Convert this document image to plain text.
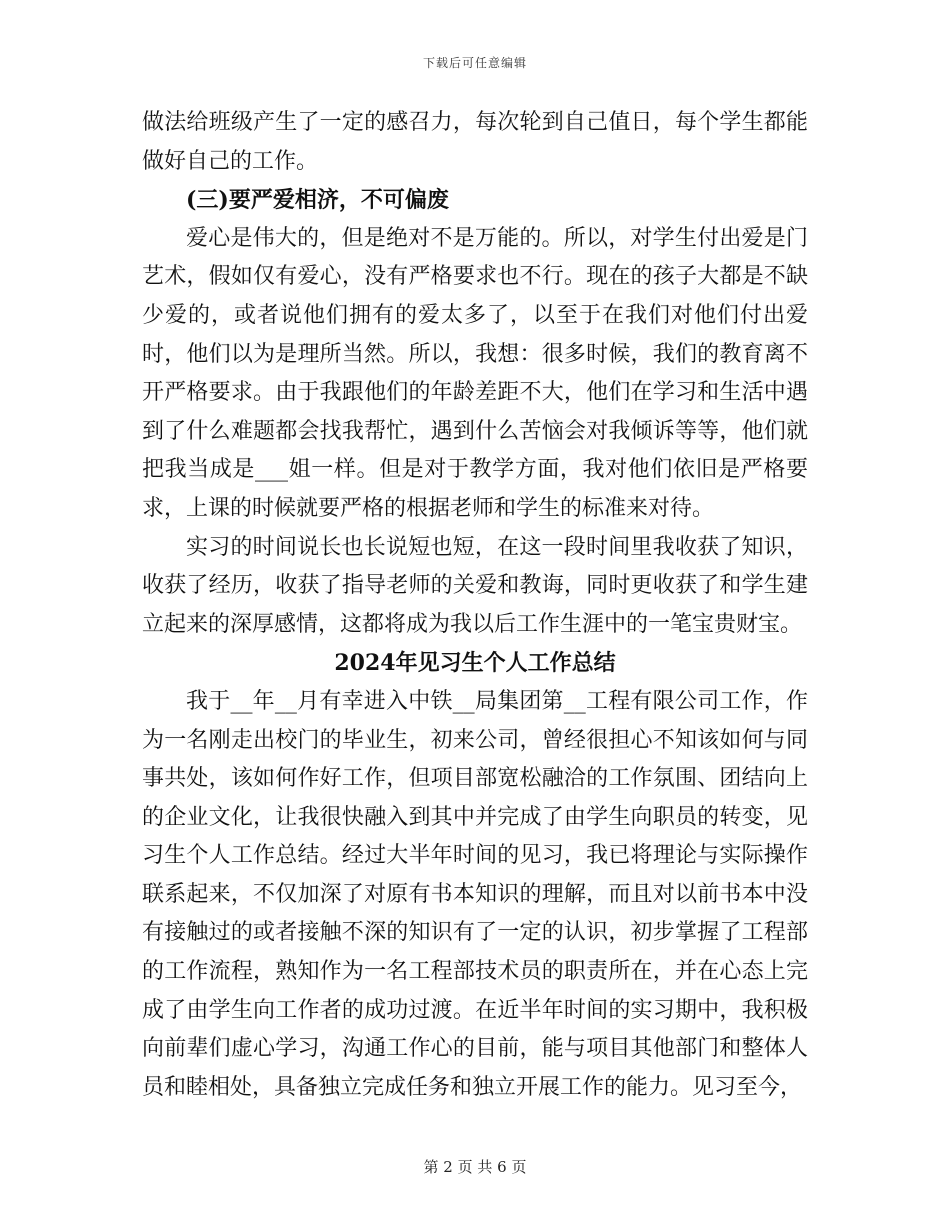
下载后可任意编辑

做法给班级产生了一定的感召力，每次轮到自己值日，每个学生都能做好自己的工作。

(三)要严爱相济，不可偏废

爱心是伟大的，但是绝对不是万能的。所以，对学生付出爱是门艺术，假如仅有爱心，没有严格要求也不行。现在的孩子大都是不缺少爱的，或者说他们拥有的爱太多了，以至于在我们对他们付出爱时，他们以为是理所当然。所以，我想：很多时候，我们的教育离不开严格要求。由于我跟他们的年龄差距不大，他们在学习和生活中遇到了什么难题都会找我帮忙，遇到什么苦恼会对我倾诉等等，他们就把我当成是___姐一样。但是对于教学方面，我对他们依旧是严格要求，上课的时候就要严格的根据老师和学生的标准来对待。

实习的时间说长也长说短也短，在这一段时间里我收获了知识，收获了经历，收获了指导老师的关爱和教诲，同时更收获了和学生建立起来的深厚感情，这都将成为我以后工作生涯中的一笔宝贵财宝。

2024年见习生个人工作总结

我于__年__月有幸进入中铁__局集团第__工程有限公司工作，作为一名刚走出校门的毕业生，初来公司，曾经很担心不知该如何与同事共处，该如何作好工作，但项目部宽松融洽的工作氛围、团结向上的企业文化，让我很快融入到其中并完成了由学生向职员的转变，见习生个人工作总结。经过大半年时间的见习，我已将理论与实际操作联系起来，不仅加深了对原有书本知识的理解，而且对以前书本中没有接触过的或者接触不深的知识有了一定的认识，初步掌握了工程部的工作流程，熟知作为一名工程部技术员的职责所在，并在心态上完成了由学生向工作者的成功过渡。在近半年时间的实习期中，我积极向前辈们虚心学习，沟通工作心的目前，能与项目其他部门和整体人员和睦相处，具备独立完成任务和独立开展工作的能力。见习至今，

第 2 页 共 6 页
